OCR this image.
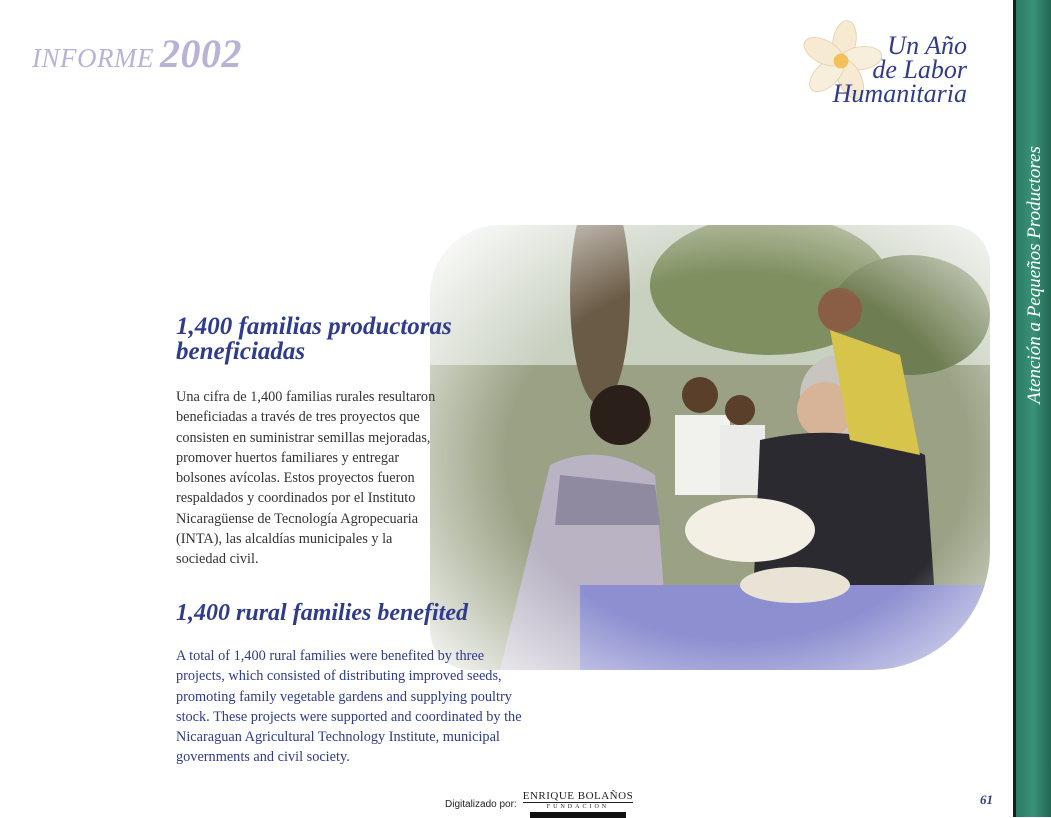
INFORME 2002	Un Año
de Labor
Humanitaria
Atención a Pequeños Productores
1,400 familias productoras beneficiadas
Una cifra de 1,400 familias rurales resultaron beneficiadas a través de tres proyectos que consisten en suministrar semillas mejoradas, promover huertos familiares y entregar bolsones avícolas. Estos proyectos fueron respaldados y coordinados por el Instituto Nicaragüense de Tecnología Agropecuaria (INTA), las alcaldías municipales y la sociedad civil.
1,400 rural families benefited
A total of 1,400 rural families were benefited by three projects, which consisted of distributing improved seeds, promoting family vegetable gardens and supplying poultry stock. These projects were supported and coordinated by the Nicaraguan Agricultural Technology Institute, municipal governments and civil society.
Digitalizado por:
ENRIQUE BOLAÑOS
FUNDACION	61
